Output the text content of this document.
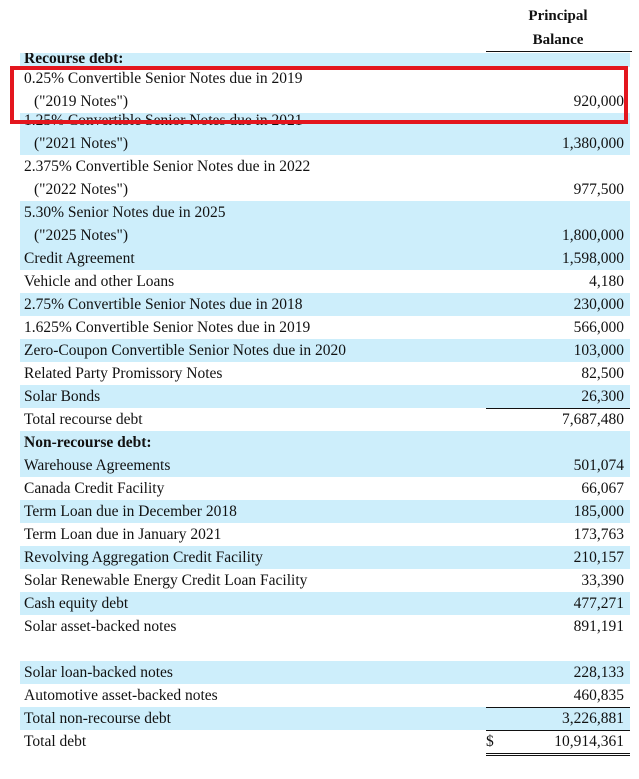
Principal
Balance
Recourse debt:
0.25% Convertible Senior Notes due in 2019
("2019 Notes")	920,000
1.25% Convertible Senior Notes due in 2021
("2021 Notes")	1,380,000
2.375% Convertible Senior Notes due in 2022
("2022 Notes")	977,500
5.30% Senior Notes due in 2025
("2025 Notes")	1,800,000
Credit Agreement	1,598,000
Vehicle and other Loans	4,180
2.75% Convertible Senior Notes due in 2018	230,000
1.625% Convertible Senior Notes due in 2019	566,000
Zero-Coupon Convertible Senior Notes due in 2020	103,000
Related Party Promissory Notes	82,500
Solar Bonds	26,300
Total recourse debt	7,687,480
Non-recourse debt:
Warehouse Agreements	501,074
Canada Credit Facility	66,067
Term Loan due in December 2018	185,000
Term Loan due in January 2021	173,763
Revolving Aggregation Credit Facility	210,157
Solar Renewable Energy Credit Loan Facility	33,390
Cash equity debt	477,271
Solar asset-backed notes	891,191
Solar loan-backed notes	228,133
Automotive asset-backed notes	460,835
Total non-recourse debt	3,226,881
Total debt	$	10,914,361
